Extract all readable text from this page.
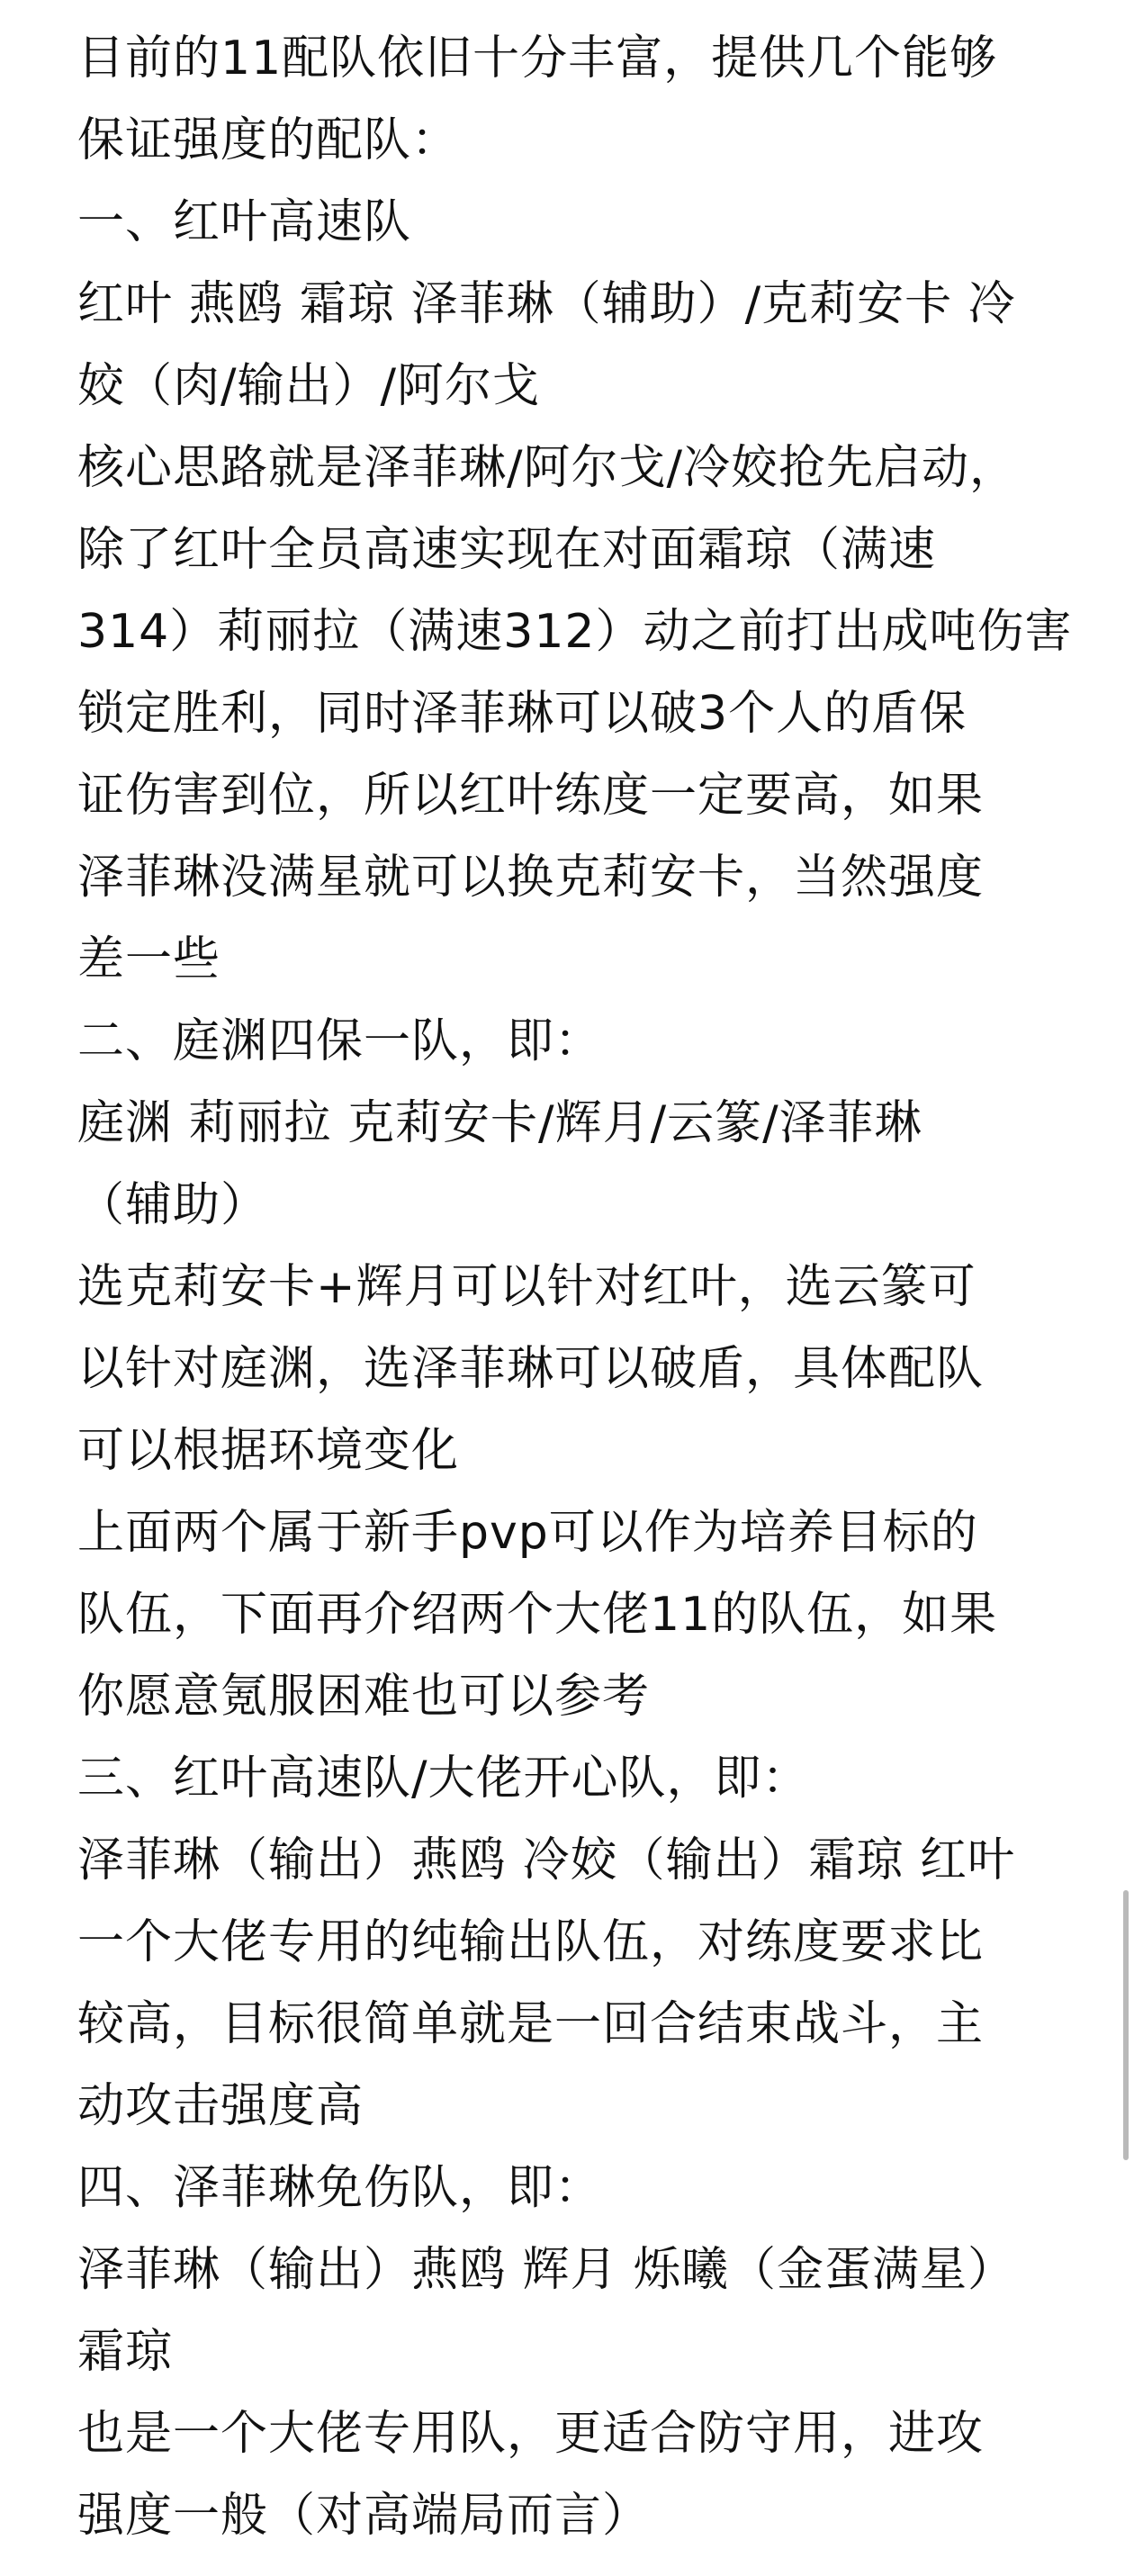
目前的11配队依旧十分丰富，提供几个能够
保证强度的配队：
一、红叶高速队
红叶 燕鸥 霜琼 泽菲琳（辅助）/克莉安卡 冷
姣（肉/输出）/阿尔戈
核心思路就是泽菲琳/阿尔戈/冷姣抢先启动，
除了红叶全员高速实现在对面霜琼（满速
314）莉丽拉（满速312）动之前打出成吨伤害
锁定胜利，同时泽菲琳可以破3个人的盾保
证伤害到位，所以红叶练度一定要高，如果
泽菲琳没满星就可以换克莉安卡，当然强度
差一些
二、庭渊四保一队，即：
庭渊 莉丽拉 克莉安卡/辉月/云篆/泽菲琳
（辅助）
选克莉安卡+辉月可以针对红叶，选云篆可
以针对庭渊，选泽菲琳可以破盾，具体配队
可以根据环境变化
上面两个属于新手pvp可以作为培养目标的
队伍，下面再介绍两个大佬11的队伍，如果
你愿意氪服困难也可以参考
三、红叶高速队/大佬开心队，即：
泽菲琳（输出）燕鸥 冷姣（输出）霜琼 红叶
一个大佬专用的纯输出队伍，对练度要求比
较高，目标很简单就是一回合结束战斗，主
动攻击强度高
四、泽菲琳免伤队，即：
泽菲琳（输出）燕鸥 辉月 烁曦（金蛋满星）
霜琼
也是一个大佬专用队，更适合防守用，进攻
强度一般（对高端局而言）
